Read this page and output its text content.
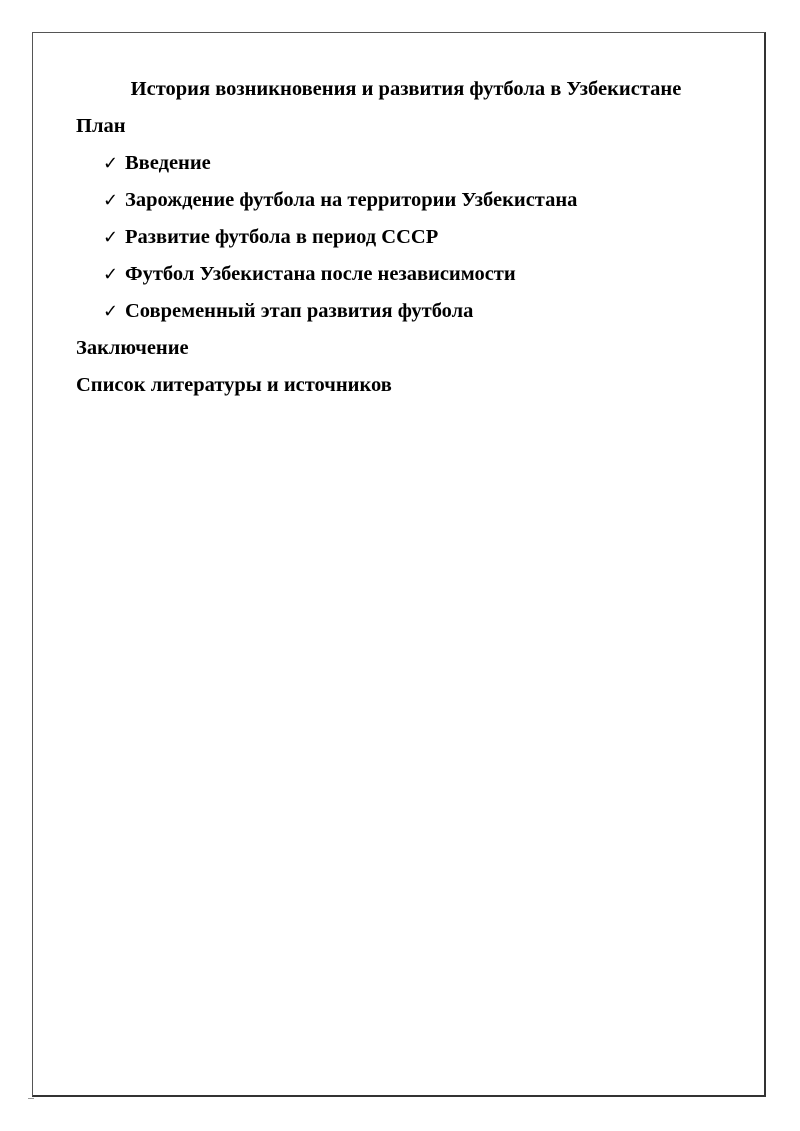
История возникновения и развития футбола в Узбекистане
План
✓ Введение
✓ Зарождение футбола на территории Узбекистана
✓ Развитие футбола в период СССР
✓ Футбол Узбекистана после независимости
✓ Современный этап развития футбола
Заключение
Список литературы и источников
